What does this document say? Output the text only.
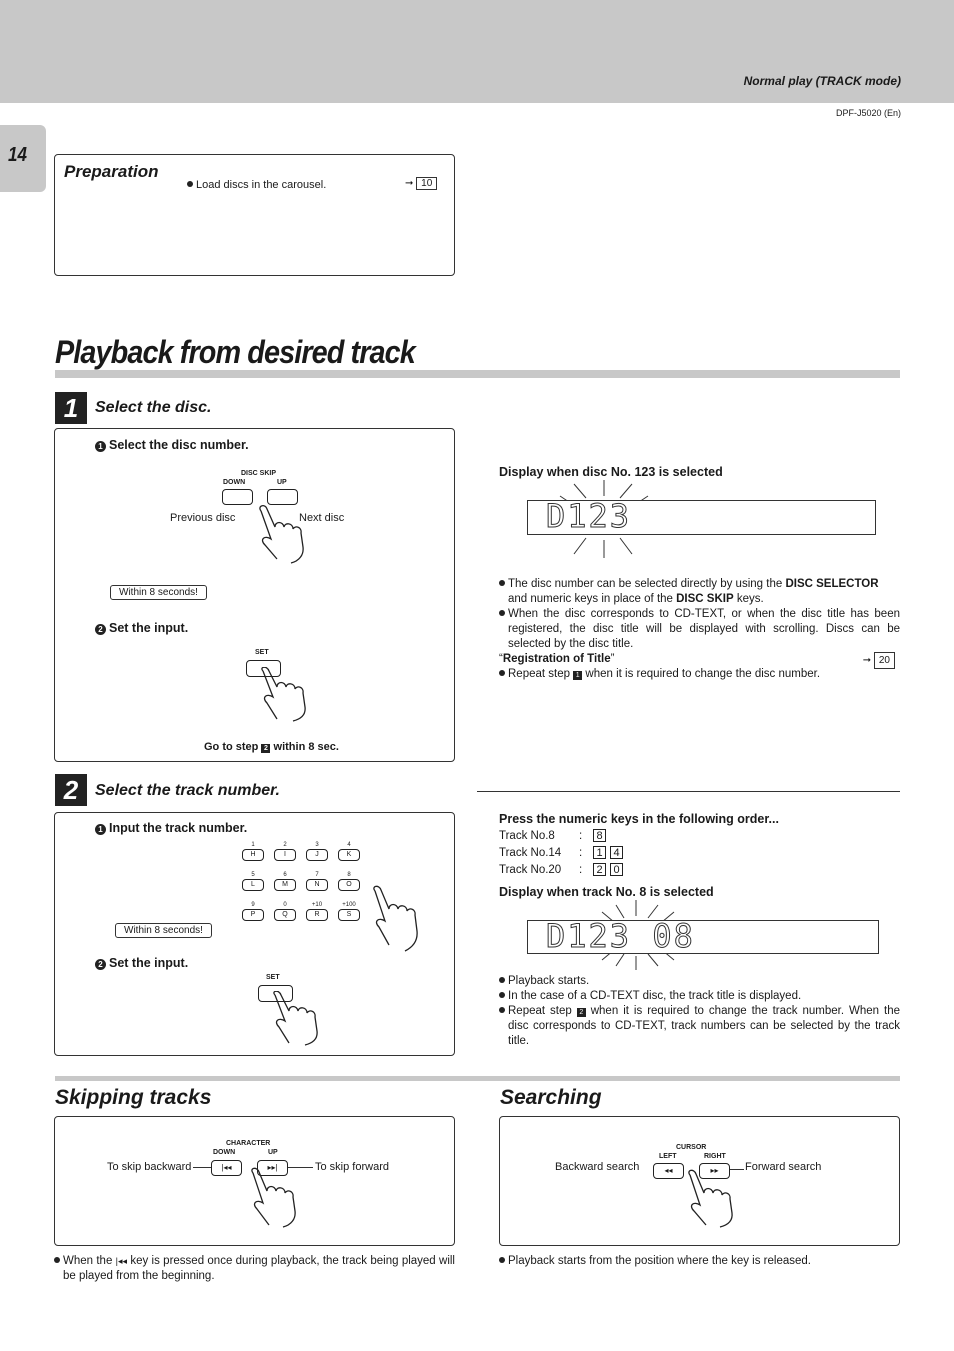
Normal play (TRACK mode)
DPF-J5020 (En)
14
Preparation
Load discs in the carousel.	➞ 10
Playback from desired track
1	Select the disc.
1 Select the disc number.
DISC SKIP
DOWN	UP
Previous disc	Next disc
Within 8 seconds!
2 Set the input.
SET
Go to step 2 within 8 sec.
Display when disc No. 123 is selected
D123
The disc number can be selected directly by using the DISC SELECTOR
and numeric keys in place of the DISC SKIP keys.
When the disc corresponds to CD-TEXT, or when the disc title has been registered, the disc title will be displayed with scrolling. Discs can be selected by the disc title.
“Registration of Title”	➞ 20
Repeat step 1 when it is required to change the disc number.
2	Select the track number.
1 Input the track number.
1
H
2
I
3
J
4
K
5
L
6
M
7
N
8
O
9
P
0
Q
+10
R
+100
S
Within 8 seconds!
2 Set the input.
SET
Press the numeric keys in the following order...
Track No.8 : 8
Track No.14 : 1 4
Track No.20 : 2 0
Display when track No. 8 is selected
D123 08
Playback starts.
In the case of a CD-TEXT disc, the track title is displayed.
Repeat step 2 when it is required to change the track number. When the disc corresponds to CD-TEXT, track numbers can be selected by the track title.
Skipping tracks
CHARACTER
DOWN	UP
To skip backward	|◂◂	▸▸|	To skip forward
When the |◂◂ key is pressed once during playback, the track being played will be played from the beginning.
Searching
CURSOR
LEFT	RIGHT
Backward search	◂◂	▸▸	Forward search
Playback starts from the position where the key is released.
